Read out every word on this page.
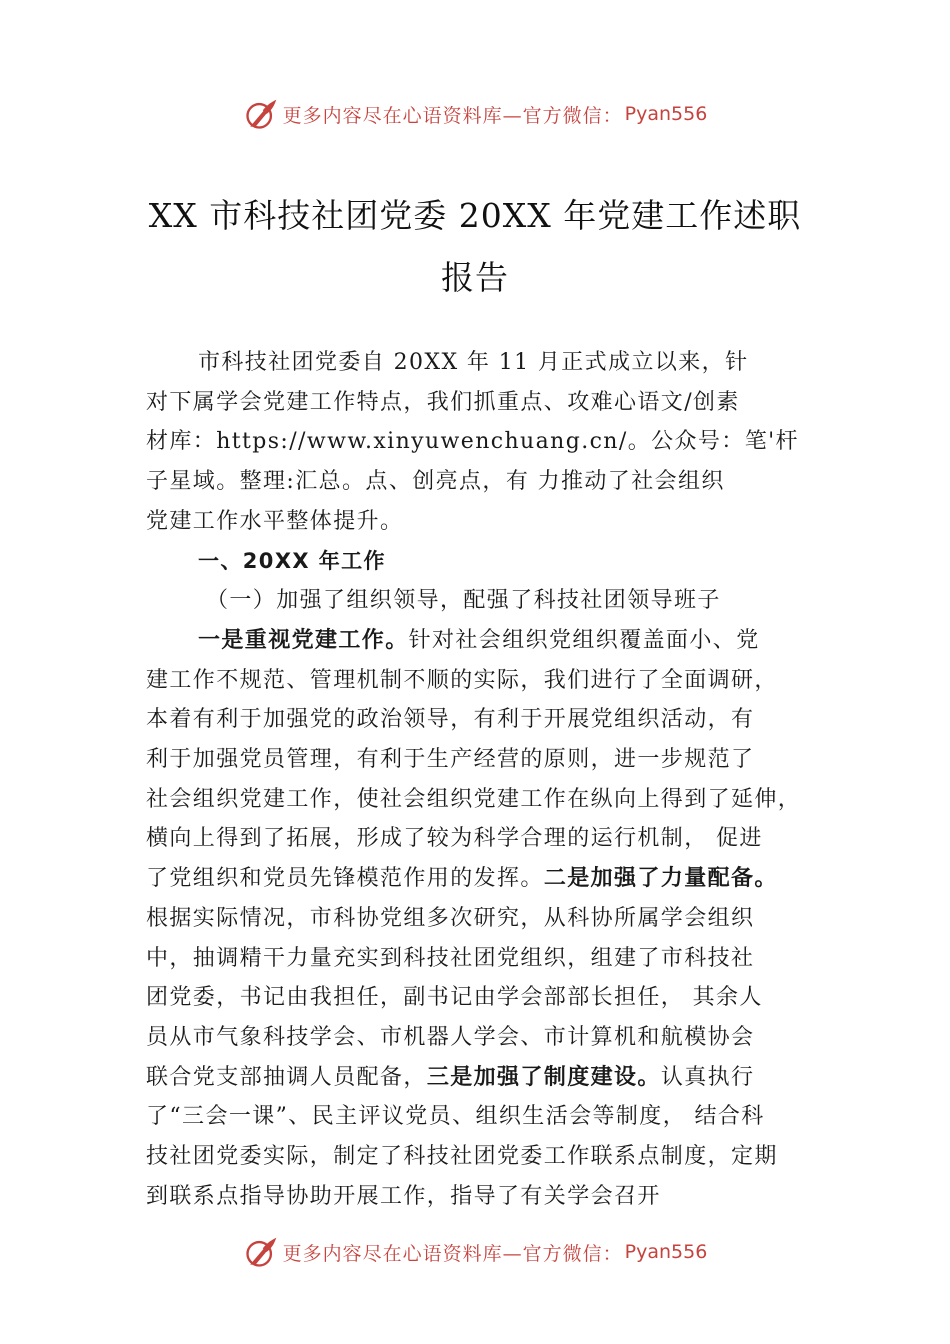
更多内容尽在心语资料库—官方微信： Pyan556
XX 市科技社团党委 20XX 年党建工作述职
报告
市科技社团党委自 20XX 年 11 月正式成立以来，针
对下属学会党建工作特点，我们抓重点、攻难心语文/创素
材库：https://www.xinyuwenchuang.cn/。公众号：笔'杆
子星域。整理:汇总。点、创亮点，有 力推动了社会组织
党建工作水平整体提升。
一、20XX 年工作
（一）加强了组织领导，配强了科技社团领导班子
一是重视党建工作。针对社会组织党组织覆盖面小、党
建工作不规范、管理机制不顺的实际，我们进行了全面调研，
本着有利于加强党的政治领导，有利于开展党组织活动，有
利于加强党员管理，有利于生产经营的原则，进一步规范了
社会组织党建工作，使社会组织党建工作在纵向上得到了延伸，
横向上得到了拓展，形成了较为科学合理的运行机制， 促进
了党组织和党员先锋模范作用的发挥。二是加强了力量配备。
根据实际情况，市科协党组多次研究，从科协所属学会组织
中，抽调精干力量充实到科技社团党组织，组建了市科技社
团党委，书记由我担任，副书记由学会部部长担任， 其余人
员从市气象科技学会、市机器人学会、市计算机和航模协会
联合党支部抽调人员配备，三是加强了制度建设。认真执行
了“三会一课”、民主评议党员、组织生活会等制度， 结合科
技社团党委实际，制定了科技社团党委工作联系点制度，定期
到联系点指导协助开展工作，指导了有关学会召开
更多内容尽在心语资料库—官方微信： Pyan556
